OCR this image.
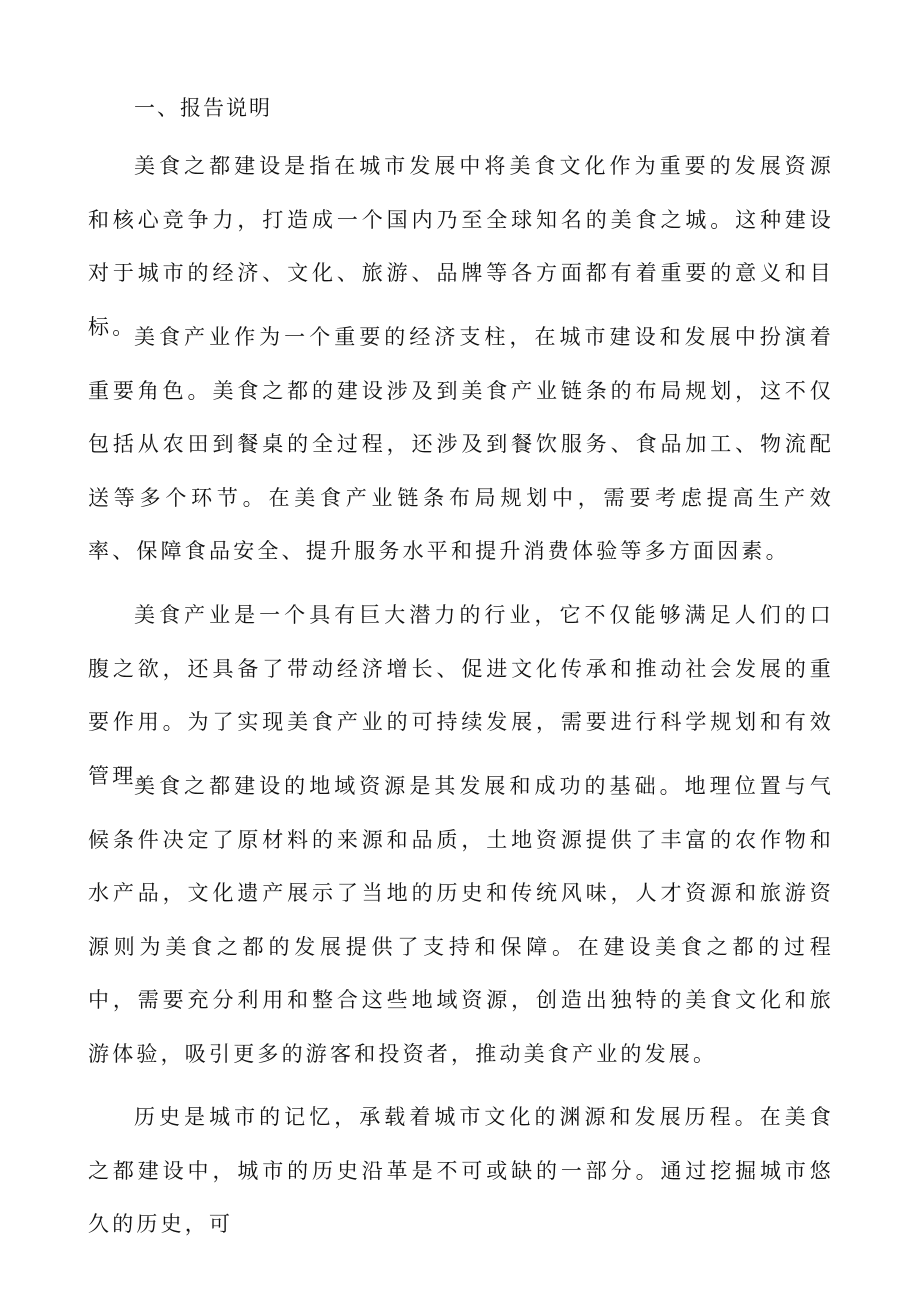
一、报告说明

美食之都建设是指在城市发展中将美食文化作为重要的发展资源和核心竞争力，打造成一个国内乃至全球知名的美食之城。这种建设对于城市的经济、文化、旅游、品牌等各方面都有着重要的意义和目标。

美食产业作为一个重要的经济支柱，在城市建设和发展中扮演着重要角色。美食之都的建设涉及到美食产业链条的布局规划，这不仅包括从农田到餐桌的全过程，还涉及到餐饮服务、食品加工、物流配送等多个环节。在美食产业链条布局规划中，需要考虑提高生产效率、保障食品安全、提升服务水平和提升消费体验等多方面因素。

美食产业是一个具有巨大潜力的行业，它不仅能够满足人们的口腹之欲，还具备了带动经济增长、促进文化传承和推动社会发展的重要作用。为了实现美食产业的可持续发展，需要进行科学规划和有效管理。

美食之都建设的地域资源是其发展和成功的基础。地理位置与气候条件决定了原材料的来源和品质，土地资源提供了丰富的农作物和水产品，文化遗产展示了当地的历史和传统风味，人才资源和旅游资源则为美食之都的发展提供了支持和保障。在建设美食之都的过程中，需要充分利用和整合这些地域资源，创造出独特的美食文化和旅游体验，吸引更多的游客和投资者，推动美食产业的发展。

历史是城市的记忆，承载着城市文化的渊源和发展历程。在美食之都建设中，城市的历史沿革是不可或缺的一部分。通过挖掘城市悠久的历史，可
